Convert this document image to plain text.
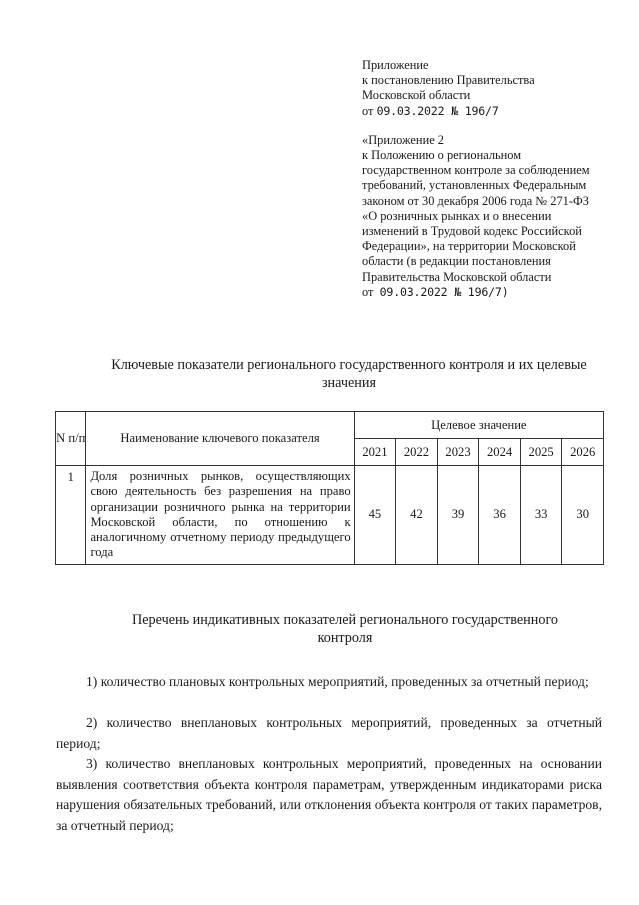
Приложение
к постановлению Правительства
Московской области
от 09.03.2022 № 196/7
«Приложение 2
к Положению о региональном
государственном контроле за соблюдением
требований, установленных Федеральным
законом от 30 декабря 2006 года № 271-ФЗ
«О розничных рынках и о внесении
изменений в Трудовой кодекс Российской
Федерации», на территории Московской
области (в редакции постановления
Правительства Московской области
от 09.03.2022 № 196/7)
Ключевые показатели регионального государственного контроля и их целевые
значения
N п/п	Наименование ключевого показателя	Целевое значение					
		2021	2022	2023	2024	2025	2026
1	Доля розничных рынков, осуществляющих свою деятельность без разрешения на право организации розничного рынка на территории Московской области, по отношению к аналогичному отчетному периоду предыдущего года	45	42	39	36	33	30
Перечень индикативных показателей регионального государственного
контроля
1) количество плановых контрольных мероприятий, проведенных за отчетный период;
2) количество внеплановых контрольных мероприятий, проведенных за отчетный период;
3) количество внеплановых контрольных мероприятий, проведенных на основании выявления соответствия объекта контроля параметрам, утвержденным индикаторами риска нарушения обязательных требований, или отклонения объекта контроля от таких параметров, за отчетный период;
